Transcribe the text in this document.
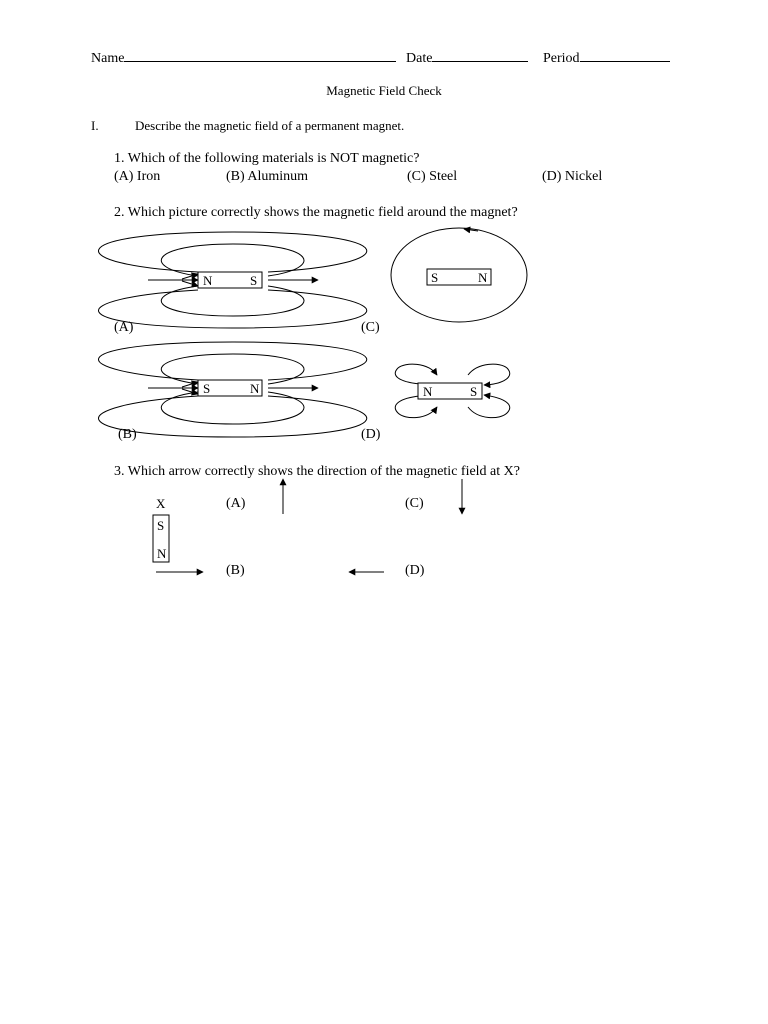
Name	Date	Period
Magnetic Field Check
I.	Describe the magnetic field of a permanent magnet.
1. Which of the following materials is NOT magnetic?
(A) Iron	(B) Aluminum	(C) Steel	(D) Nickel
2. Which picture correctly shows the magnetic field around the magnet?
N	S
S	N
S	N
N	S
X
S
N
(A)	(C)
(B)	(D)
3. Which arrow correctly shows the direction of the magnetic field at X?
(A)	(C)
(B)	(D)
